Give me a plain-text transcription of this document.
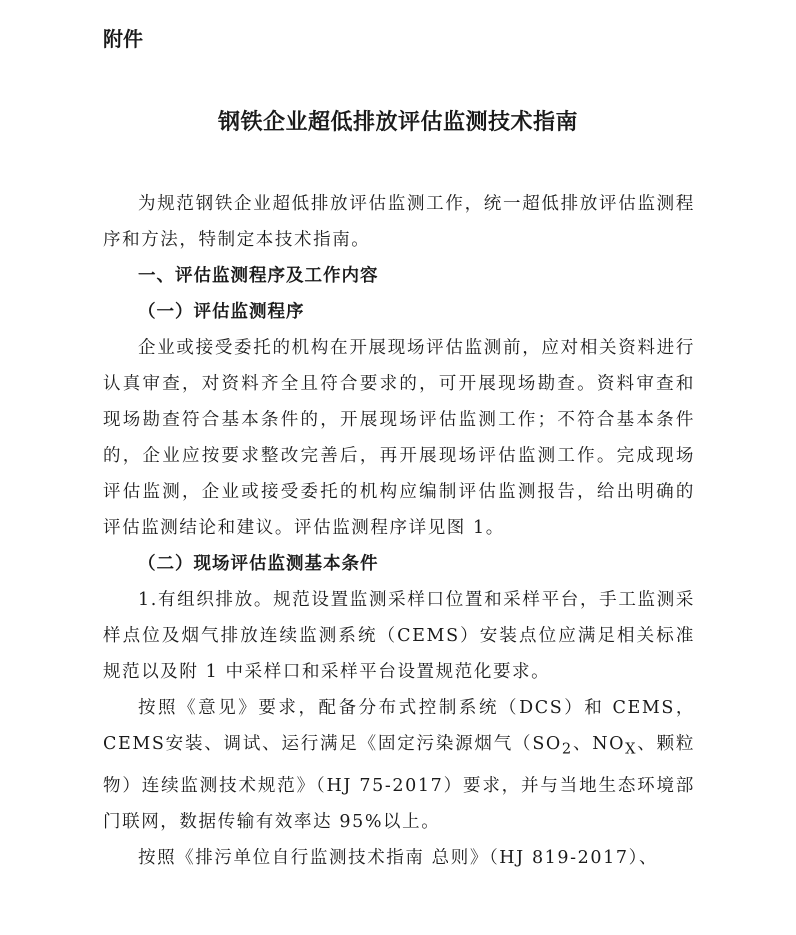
附件
钢铁企业超低排放评估监测技术指南

为规范钢铁企业超低排放评估监测工作，统一超低排放评估监测程序和方法，特制定本技术指南。

一、评估监测程序及工作内容

（一）评估监测程序

企业或接受委托的机构在开展现场评估监测前，应对相关资料进行认真审查，对资料齐全且符合要求的，可开展现场勘查。资料审查和现场勘查符合基本条件的，开展现场评估监测工作；不符合基本条件的，企业应按要求整改完善后，再开展现场评估监测工作。完成现场评估监测，企业或接受委托的机构应编制评估监测报告，给出明确的评估监测结论和建议。评估监测程序详见图 1。

（二）现场评估监测基本条件

1.有组织排放。规范设置监测采样口位置和采样平台，手工监测采样点位及烟气排放连续监测系统（CEMS）安装点位应满足相关标准规范以及附 1 中采样口和采样平台设置规范化要求。

按照《意见》要求，配备分布式控制系统（DCS）和 CEMS，CEMS安装、调试、运行满足《固定污染源烟气（$SO_2$、$NO_X$、颗粒物）连续监测技术规范》（HJ 75-2017）要求，并与当地生态环境部门联网，数据传输有效率达 95%以上。

按照《排污单位自行监测技术指南 总则》（HJ 819-2017）、
